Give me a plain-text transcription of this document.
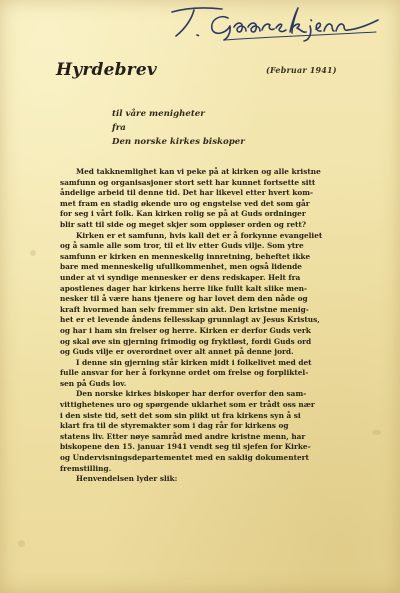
(Februar 1941)
Hyrdebrev
til våre menigheter
fra
Den norske kirkes biskoper

Med takknemlighet kan vi peke på at kirken og alle kristne
samfunn og organisasjoner stort sett har kunnet fortsette sitt
åndelige arbeid til denne tid. Det har likevel etter hvert kom-
met fram en stadig økende uro og engstelse ved det som går
for seg i vårt folk. Kan kirken rolig se på at Guds ordninger
blir satt til side og meget skjer som oppløser orden og rett?

Kirken er et samfunn, hvis kall det er å forkynne evangeliet
og å samle alle som tror, til et liv etter Guds vilje. Som ytre
samfunn er kirken en menneskelig innretning, beheftet ikke
bare med menneskelig ufullkommenhet, men også lidende
under at vi syndige mennesker er dens redskaper. Helt fra
apostlenes dager har kirkens herre like fullt kalt slike men-
nesker til å være hans tjenere og har lovet dem den nåde og
kraft hvormed han selv fremmer sin akt. Den kristne menig-
het er et levende åndens fellesskap grunnlagt av Jesus Kristus,
og har i ham sin frelser og herre. Kirken er derfor Guds verk
og skal øve sin gjerning frimodig og fryktløst, fordi Guds ord
og Guds vilje er overordnet over alt annet på denne jord.

I denne sin gjerning står kirken midt i folkelivet med det
fulle ansvar for her å forkynne ordet om frelse og forpliktel-
sen på Guds lov.

Den norske kirkes biskoper har derfor overfor den sam-
vittighetenes uro og spørgende uklarhet som er trådt oss nær
i den siste tid, sett det som sin plikt ut fra kirkens syn å si
klart fra til de styremakter som i dag rår for kirkens og
statens liv. Etter nøye samråd med andre kristne menn, har
biskopene den 15. januar 1941 vendt seg til sjefen for Kirke-
og Undervisningsdepartementet med en saklig dokumentert
fremstilling.

Henvendelsen lyder slik:
